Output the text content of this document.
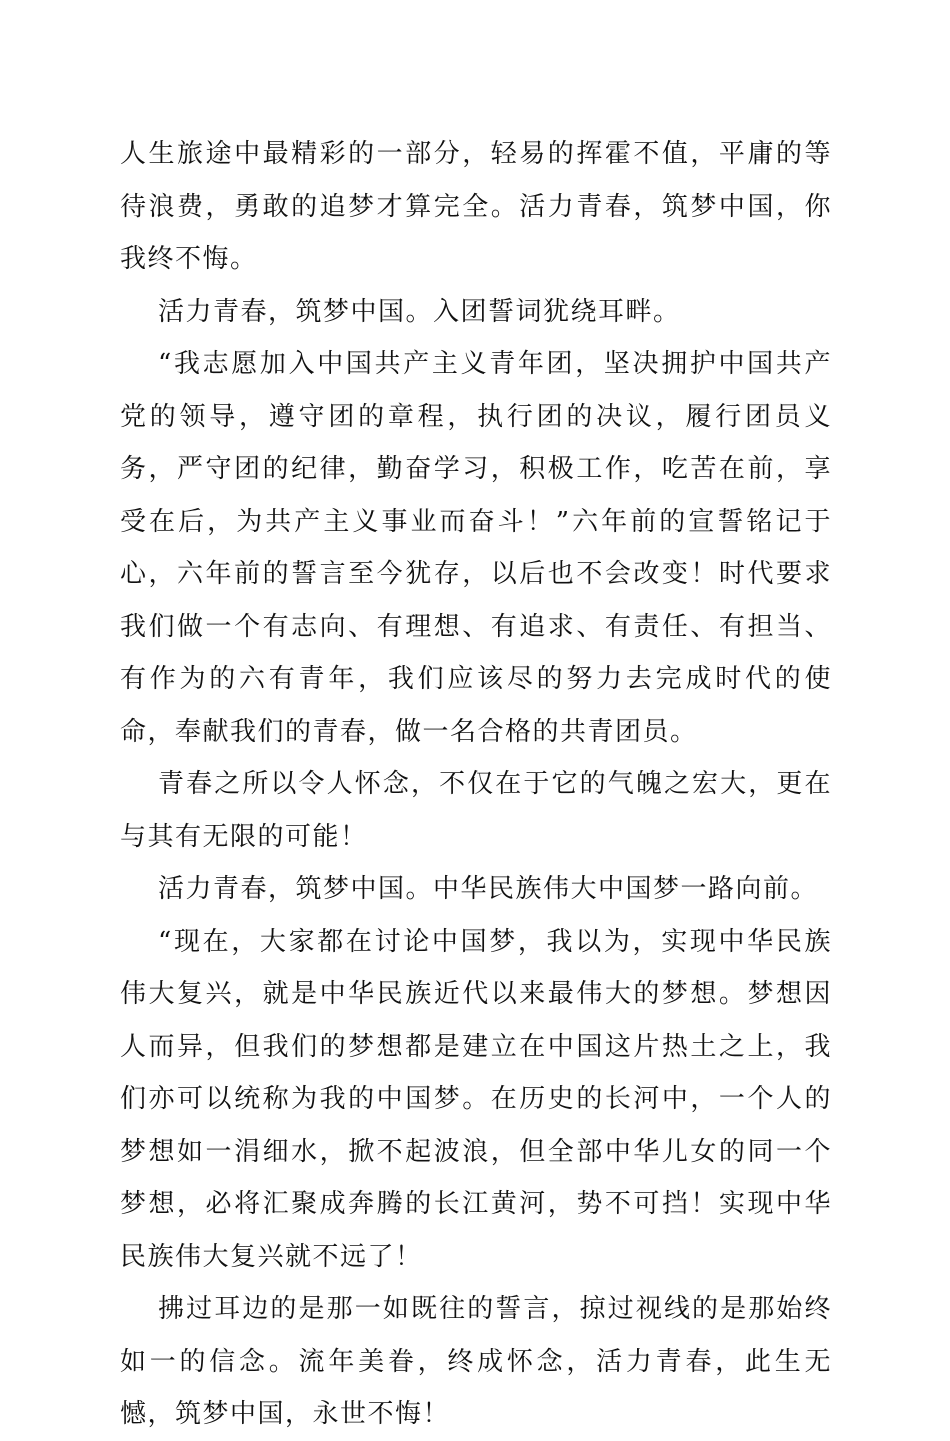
人生旅途中最精彩的一部分，轻易的挥霍不值，平庸的等待浪费，勇敢的追梦才算完全。活力青春，筑梦中国，你我终不悔。

活力青春，筑梦中国。入团誓词犹绕耳畔。

“我志愿加入中国共产主义青年团，坚决拥护中国共产党的领导，遵守团的章程，执行团的决议，履行团员义务，严守团的纪律，勤奋学习，积极工作，吃苦在前，享受在后，为共产主义事业而奋斗！”六年前的宣誓铭记于心，六年前的誓言至今犹存，以后也不会改变！时代要求我们做一个有志向、有理想、有追求、有责任、有担当、有作为的六有青年，我们应该尽的努力去完成时代的使命，奉献我们的青春，做一名合格的共青团员。

青春之所以令人怀念，不仅在于它的气魄之宏大，更在与其有无限的可能！

活力青春，筑梦中国。中华民族伟大中国梦一路向前。

“现在，大家都在讨论中国梦，我以为，实现中华民族伟大复兴，就是中华民族近代以来最伟大的梦想。梦想因人而异，但我们的梦想都是建立在中国这片热土之上，我们亦可以统称为我的中国梦。在历史的长河中，一个人的梦想如一涓细水，掀不起波浪，但全部中华儿女的同一个梦想，必将汇聚成奔腾的长江黄河，势不可挡！实现中华民族伟大复兴就不远了！

拂过耳边的是那一如既往的誓言，掠过视线的是那始终如一的信念。流年美眷，终成怀念，活力青春，此生无憾，筑梦中国，永世不悔！
